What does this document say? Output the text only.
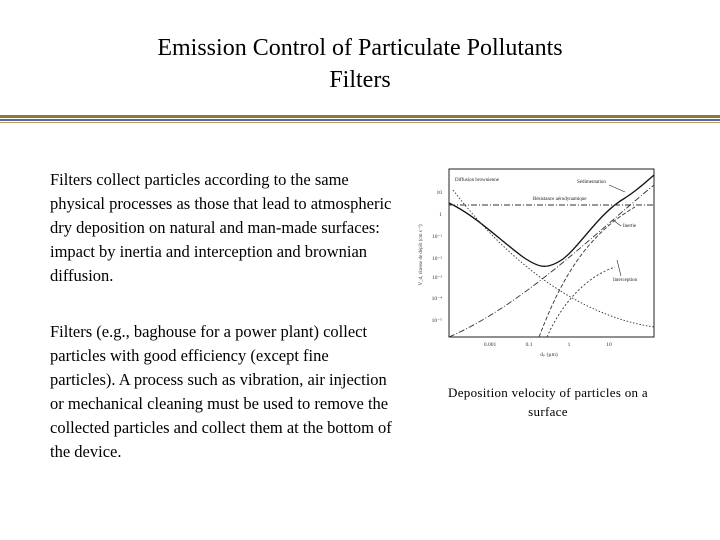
Emission Control of Particulate Pollutants
Filters
Filters collect particles according to the same physical processes as those that lead to atmospheric dry deposition on natural and man-made surfaces: impact by inertia and interception and brownian diffusion.
Filters (e.g., baghouse for a power plant) collect particles with good efficiency (except fine particles). A process such as vibration, air injection or mechanical cleaning must be used to remove the collected particles and collect them at the bottom of the device.
10
1
10⁻¹
10⁻²
10⁻³
10⁻⁴
10⁻⁵
0.001	0.1	1	10
dₚ (µm)
V_d, vitesse de dépôt (cm s⁻¹)
Diffusion brownienne	Sédimentation
Résistance aérodynamique
Inertie
Interception
Deposition velocity of particles on a surface
